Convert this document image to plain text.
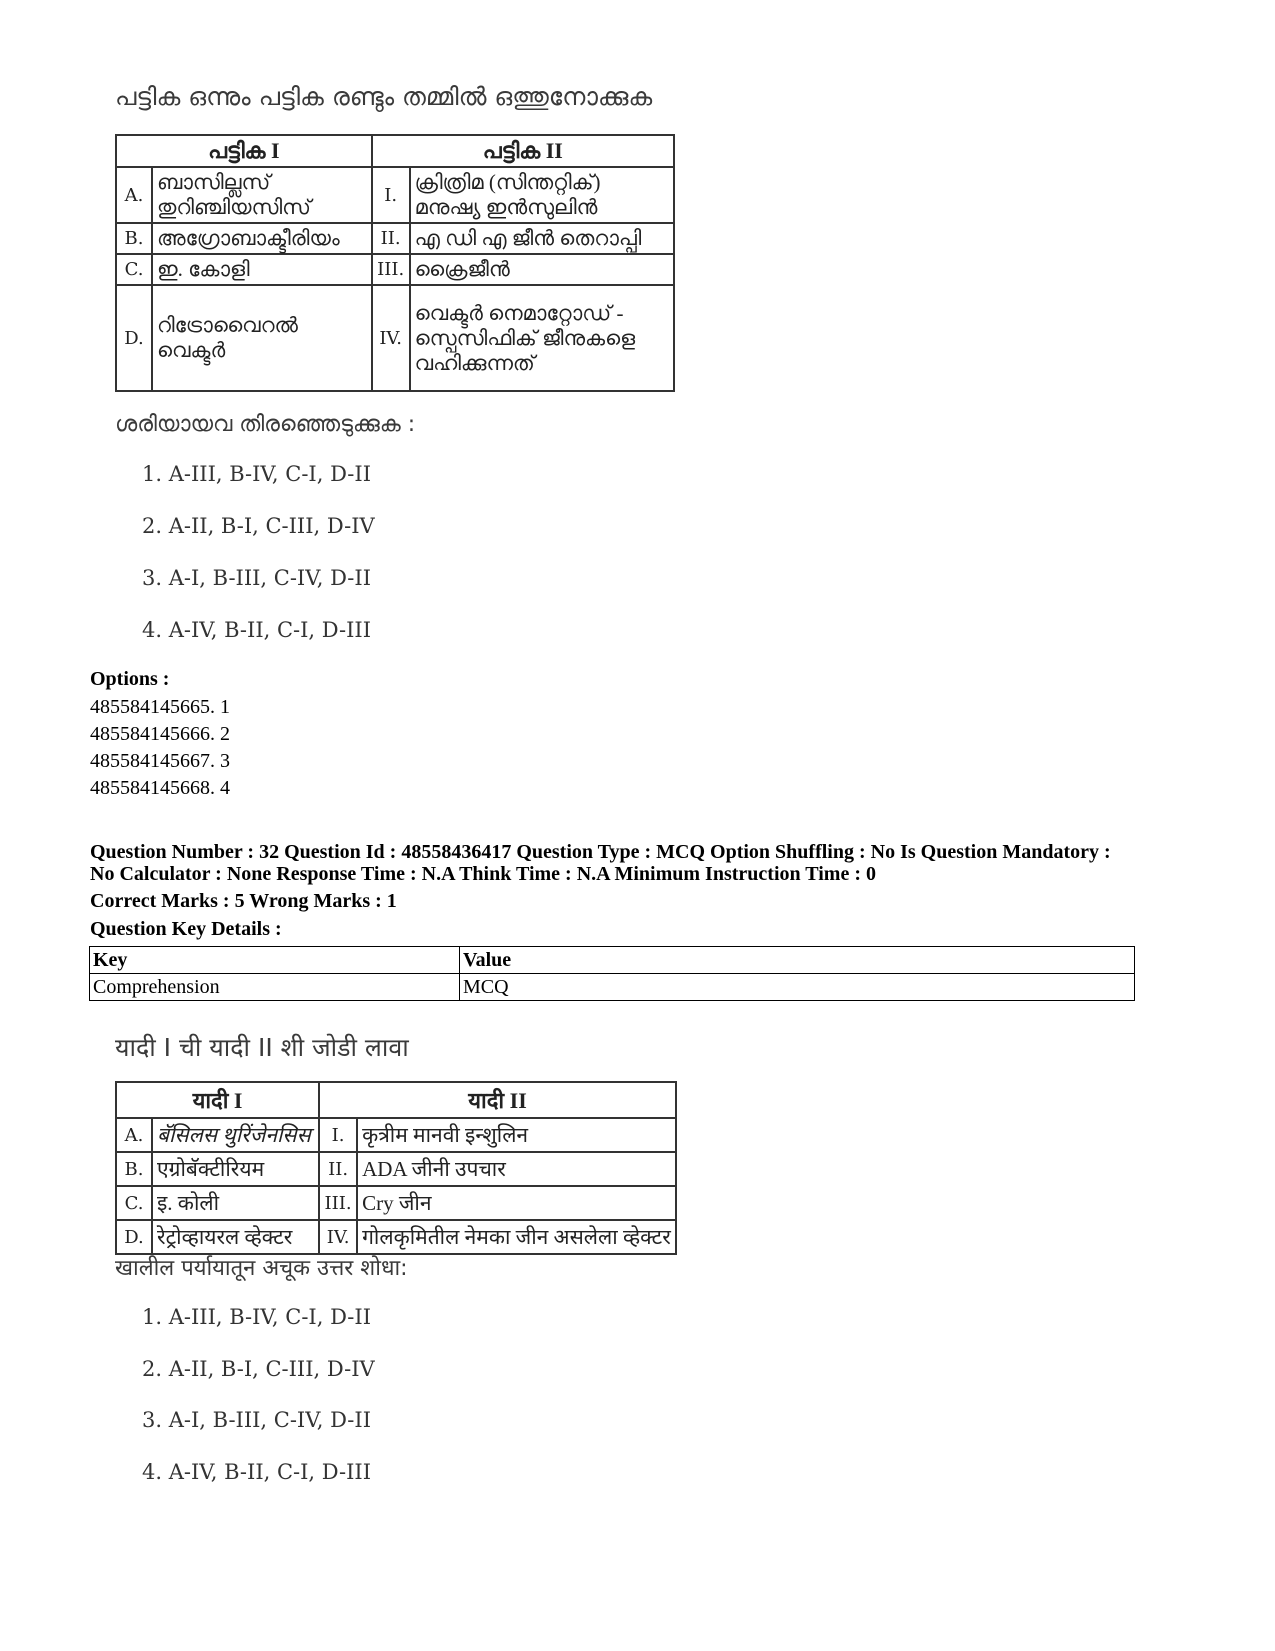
പട്ടിക ഒന്നും പട്ടിക രണ്ടും തമ്മിൽ ഒത്തുനോക്കുക
പട്ടിക I		പട്ടിക II	
A.	ബാസില്ലസ് തുറിഞ്ചിയസിസ്	I.	ക്രിത്രിമ (സിന്തറ്റിക്) മനുഷ്യ ഇൻസുലിൻ
B.	അഗ്രോബാക്ടീരിയം	II.	എ ഡി എ ജീൻ തെറാപ്പി
C.	ഇ. കോളി	III.	ക്രൈജീൻ
D.	റിട്രോവൈറൽ വെക്ടർ	IV.	വെക്ടർ നെമാറ്റോഡ് - സ്പെസിഫിക് ജീനുകളെ വഹിക്കുന്നത്
ശരിയായവ തിരഞ്ഞെടുക്കുക :
1. A-III, B-IV, C-I, D-II
2. A-II, B-I, C-III, D-IV
3. A-I, B-III, C-IV, D-II
4. A-IV, B-II, C-I, D-III
Options :
485584145665. 1
485584145666. 2
485584145667. 3
485584145668. 4
Question Number : 32 Question Id : 48558436417 Question Type : MCQ Option Shuffling : No Is Question Mandatory :
No Calculator : None Response Time : N.A Think Time : N.A Minimum Instruction Time : 0
Correct Marks : 5 Wrong Marks : 1
Question Key Details :
Key	Value
Comprehension	MCQ
यादी I ची यादी II शी जोडी लावा
यादी I		यादी II	
A.	बॅसिलस थुरिंजेनसिस	I.	कृत्रीम मानवी इन्शुलिन
B.	एग्रोबॅक्टीरियम	II.	ADA जीनी उपचार
C.	इ. कोली	III.	Cry जीन
D.	रेट्रोव्हायरल व्हेक्टर	IV.	गोलकृमितील नेमका जीन असलेला व्हेक्टर
खालील पर्यायातून अचूक उत्तर शोधा:
1. A-III, B-IV, C-I, D-II
2. A-II, B-I, C-III, D-IV
3. A-I, B-III, C-IV, D-II
4. A-IV, B-II, C-I, D-III
